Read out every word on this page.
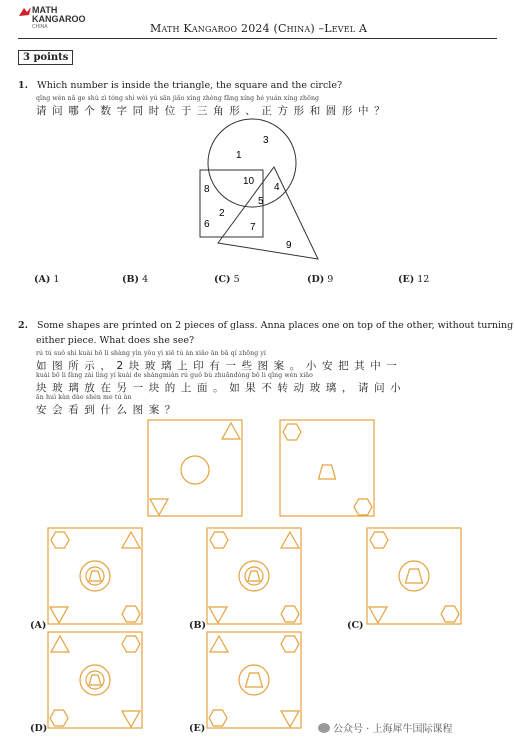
MATH
KANGAROO
CHINA	Math Kangaroo 2024 (China) –Level A
3 points
1. Which number is inside the triangle, the square and the circle?
qǐng wèn nǎ ge shù zì tóng shí wèi yú sān jiǎo xíng zhèng fāng xíng hé yuán xíng zhōng
请问哪个数字同时位于三角形、正方形和圆形中？
1
3
10
8	4
5
2
6	7
9
(A) 1	(B) 4	(C) 5	(D) 9	(E) 12
2. Some shapes are printed on 2 pieces of glass. Anna places one on top of the other, without turning
either piece. What does she see?
rú tú suǒ shì kuài bō li shàng yìn yǒu yì xiē tú àn xiǎo ān bǎ qí zhōng yí
如图所示，2块玻璃上印有一些图案。小安把其中一
kuài bō li fàng zài lìng yí kuài de shàngmiàn rú guǒ bù zhuǎndòng bō li qǐng wèn xiǎo
块玻璃放在另一块的上面。如果不转动玻璃，请问小
ān huì kàn dào shén me tú àn
安会看到什么图案？
(A)	(B)	(C)
(D)	(E)	公众号 · 上海犀牛国际课程
